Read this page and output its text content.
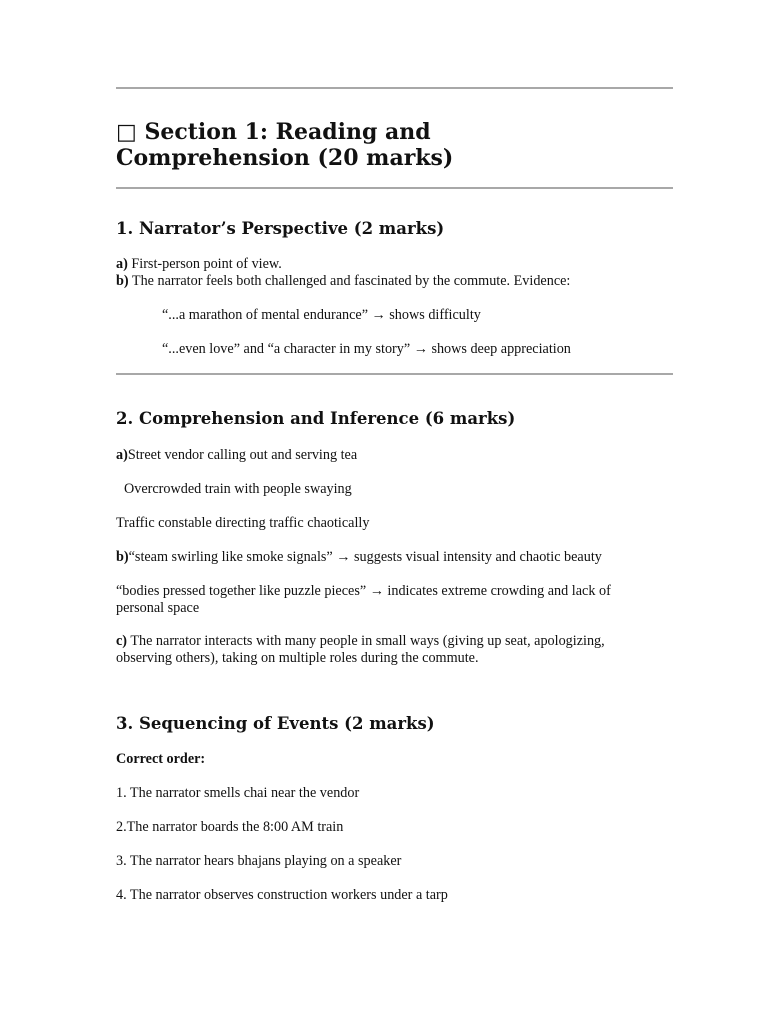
□ Section 1: Reading and
Comprehension (20 marks)
1. Narrator’s Perspective (2 marks)

a) First-person point of view.

b) The narrator feels both challenged and fascinated by the commute. Evidence:

“...a marathon of mental endurance” → shows difficulty

“...even love” and “a character in my story” → shows deep appreciation

2. Comprehension and Inference (6 marks)

a)Street vendor calling out and serving tea

Overcrowded train with people swaying

Traffic constable directing traffic chaotically

b)“steam swirling like smoke signals” → suggests visual intensity and chaotic beauty

“bodies pressed together like puzzle pieces” → indicates extreme crowding and lack of personal space

c) The narrator interacts with many people in small ways (giving up seat, apologizing, observing others), taking on multiple roles during the commute.

3. Sequencing of Events (2 marks)

Correct order:

1. The narrator smells chai near the vendor

2.The narrator boards the 8:00 AM train

3. The narrator hears bhajans playing on a speaker

4. The narrator observes construction workers under a tarp
